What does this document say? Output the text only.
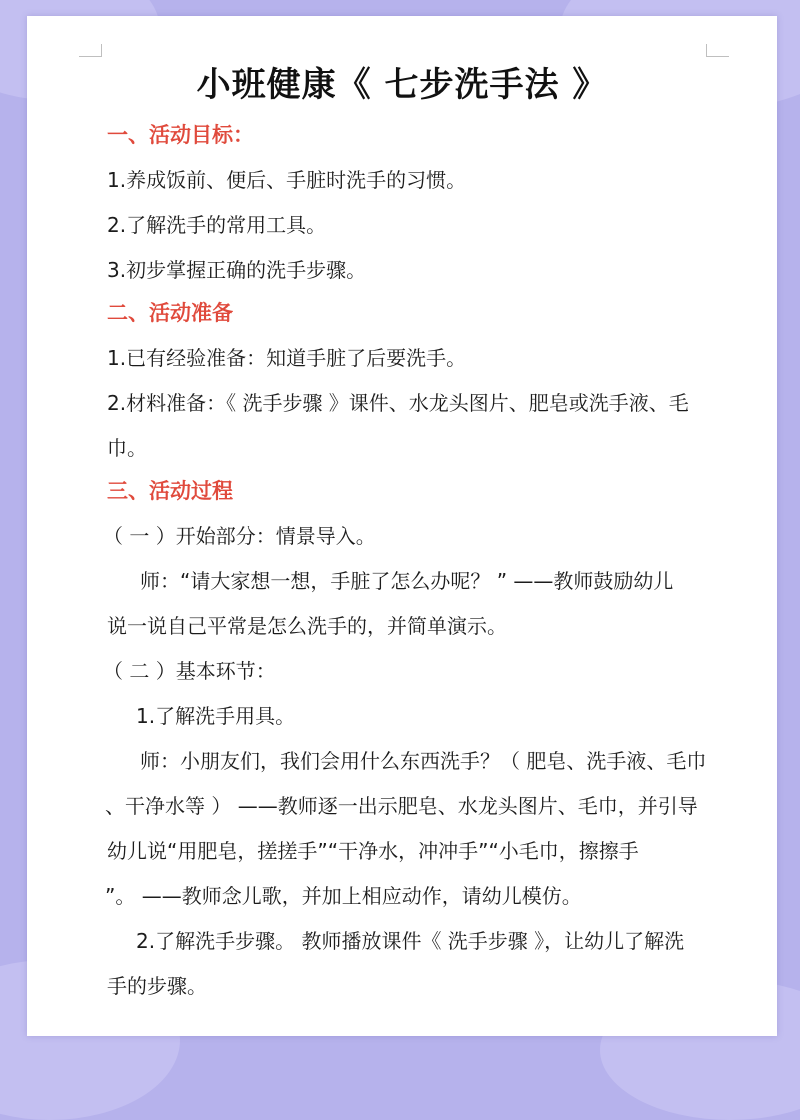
小班健康《 七步洗手法 》
一、活动目标：
1.养成饭前、便后、手脏时洗手的习惯。
2.了解洗手的常用工具。
3.初步掌握正确的洗手步骤。
二、活动准备
1.已有经验准备：知道手脏了后要洗手。
2.材料准备：《 洗手步骤 》课件、水龙头图片、肥皂或洗手液、毛
巾。
三、活动过程
（ 一 ）开始部分：情景导入。
师：“请大家想一想，手脏了怎么办呢？ ” ——教师鼓励幼儿
说一说自己平常是怎么洗手的，并简单演示。
（ 二 ）基本环节：
1.了解洗手用具。
师：小朋友们，我们会用什么东西洗手？（ 肥皂、洗手液、毛巾
、干净水等 ） ——教师逐一出示肥皂、水龙头图片、毛巾，并引导
幼儿说“用肥皂，搓搓手”“干净水，冲冲手”“小毛巾，擦擦手
”。 ——教师念儿歌，并加上相应动作，请幼儿模仿。
2.了解洗手步骤。 教师播放课件《 洗手步骤 》，让幼儿了解洗
手的步骤。
